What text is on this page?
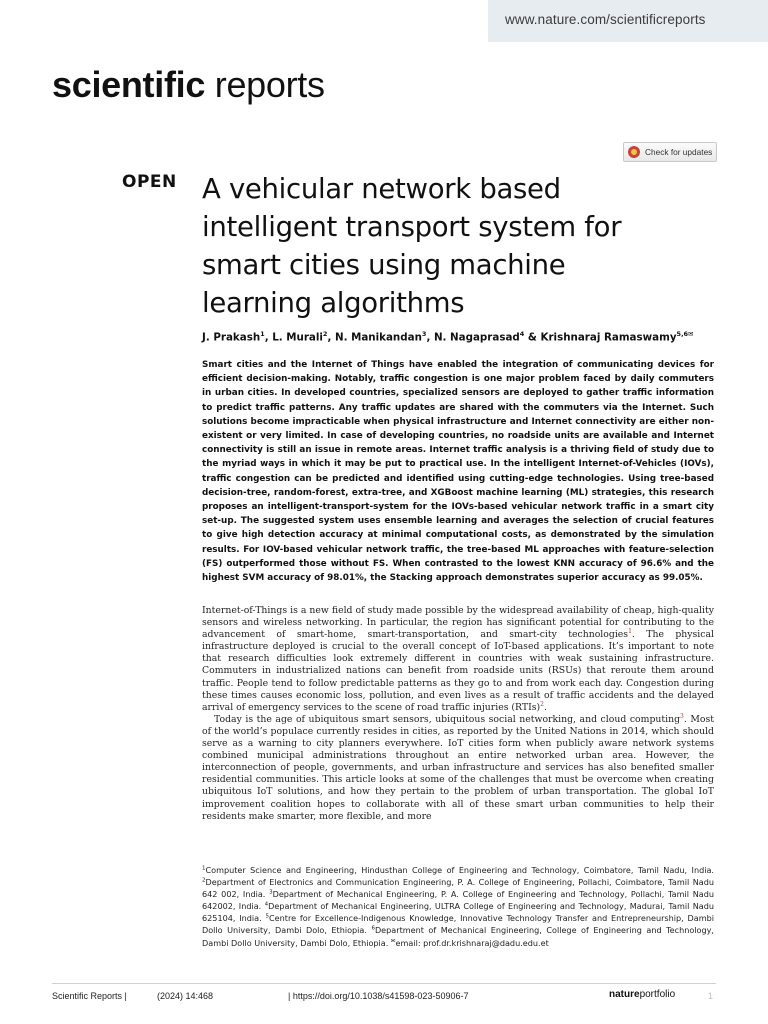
www.nature.com/scientificreports
scientific reports
Check for updates
OPEN A vehicular network based intelligent transport system for smart cities using machine learning algorithms
J. Prakash$^1$, L. Murali$^2$, N. Manikandan$^3$, N. Nagaprasad$^4$ & Krishnaraj Ramaswamy$^{5,6✉}$

Smart cities and the Internet of Things have enabled the integration of communicating devices for efficient decision-making. Notably, traffic congestion is one major problem faced by daily commuters in urban cities. In developed countries, specialized sensors are deployed to gather traffic information to predict traffic patterns. Any traffic updates are shared with the commuters via the Internet. Such solutions become impracticable when physical infrastructure and Internet connectivity are either non-existent or very limited. In case of developing countries, no roadside units are available and Internet connectivity is still an issue in remote areas. Internet traffic analysis is a thriving field of study due to the myriad ways in which it may be put to practical use. In the intelligent Internet-of-Vehicles (IOVs), traffic congestion can be predicted and identified using cutting-edge technologies. Using tree-based decision-tree, random-forest, extra-tree, and XGBoost machine learning (ML) strategies, this research proposes an intelligent-transport-system for the IOVs-based vehicular network traffic in a smart city set-up. The suggested system uses ensemble learning and averages the selection of crucial features to give high detection accuracy at minimal computational costs, as demonstrated by the simulation results. For IOV-based vehicular network traffic, the tree-based ML approaches with feature-selection (FS) outperformed those without FS. When contrasted to the lowest KNN accuracy of 96.6% and the highest SVM accuracy of 98.01%, the Stacking approach demonstrates superior accuracy as 99.05%.

Internet-of-Things is a new field of study made possible by the widespread availability of cheap, high-quality sensors and wireless networking. In particular, the region has significant potential for contributing to the advancement of smart-home, smart-transportation, and smart-city technologies$^1$. The physical infrastructure deployed is crucial to the overall concept of IoT-based applications. It’s important to note that research difficulties look extremely different in countries with weak sustaining infrastructure. Commuters in industrialized nations can benefit from roadside units (RSUs) that reroute them around traffic. People tend to follow predictable patterns as they go to and from work each day. Congestion during these times causes economic loss, pollution, and even lives as a result of traffic accidents and the delayed arrival of emergency services to the scene of road traffic injuries (RTIs)$^2$.

Today is the age of ubiquitous smart sensors, ubiquitous social networking, and cloud computing$^3$. Most of the world’s populace currently resides in cities, as reported by the United Nations in 2014, which should serve as a warning to city planners everywhere. IoT cities form when publicly aware network systems combined municipal administrations throughout an entire networked urban area. However, the interconnection of people, governments, and urban infrastructure and services has also benefited smaller residential communities. This article looks at some of the challenges that must be overcome when creating ubiquitous IoT solutions, and how they pertain to the problem of urban transportation. The global IoT improvement coalition hopes to collaborate with all of these smart urban communities to help their residents make smarter, more flexible, and more

$^1$Computer Science and Engineering, Hindusthan College of Engineering and Technology, Coimbatore, Tamil Nadu, India. $^2$Department of Electronics and Communication Engineering, P. A. College of Engineering, Pollachi, Coimbatore, Tamil Nadu 642 002, India. $^3$Department of Mechanical Engineering, P. A. College of Engineering and Technology, Pollachi, Tamil Nadu 642002, India. $^4$Department of Mechanical Engineering, ULTRA College of Engineering and Technology, Madurai, Tamil Nadu 625104, India. $^5$Centre for Excellence-Indigenous Knowledge, Innovative Technology Transfer and Entrepreneurship, Dambi Dollo University, Dambi Dolo, Ethiopia. $^6$Department of Mechanical Engineering, College of Engineering and Technology, Dambi Dollo University, Dambi Dolo, Ethiopia. ✉email: prof.dr.krishnaraj@dadu.edu.et

Scientific Reports |	(2024) 14:468	| https://doi.org/10.1038/s41598-023-50906-7	natureportfolio	1
